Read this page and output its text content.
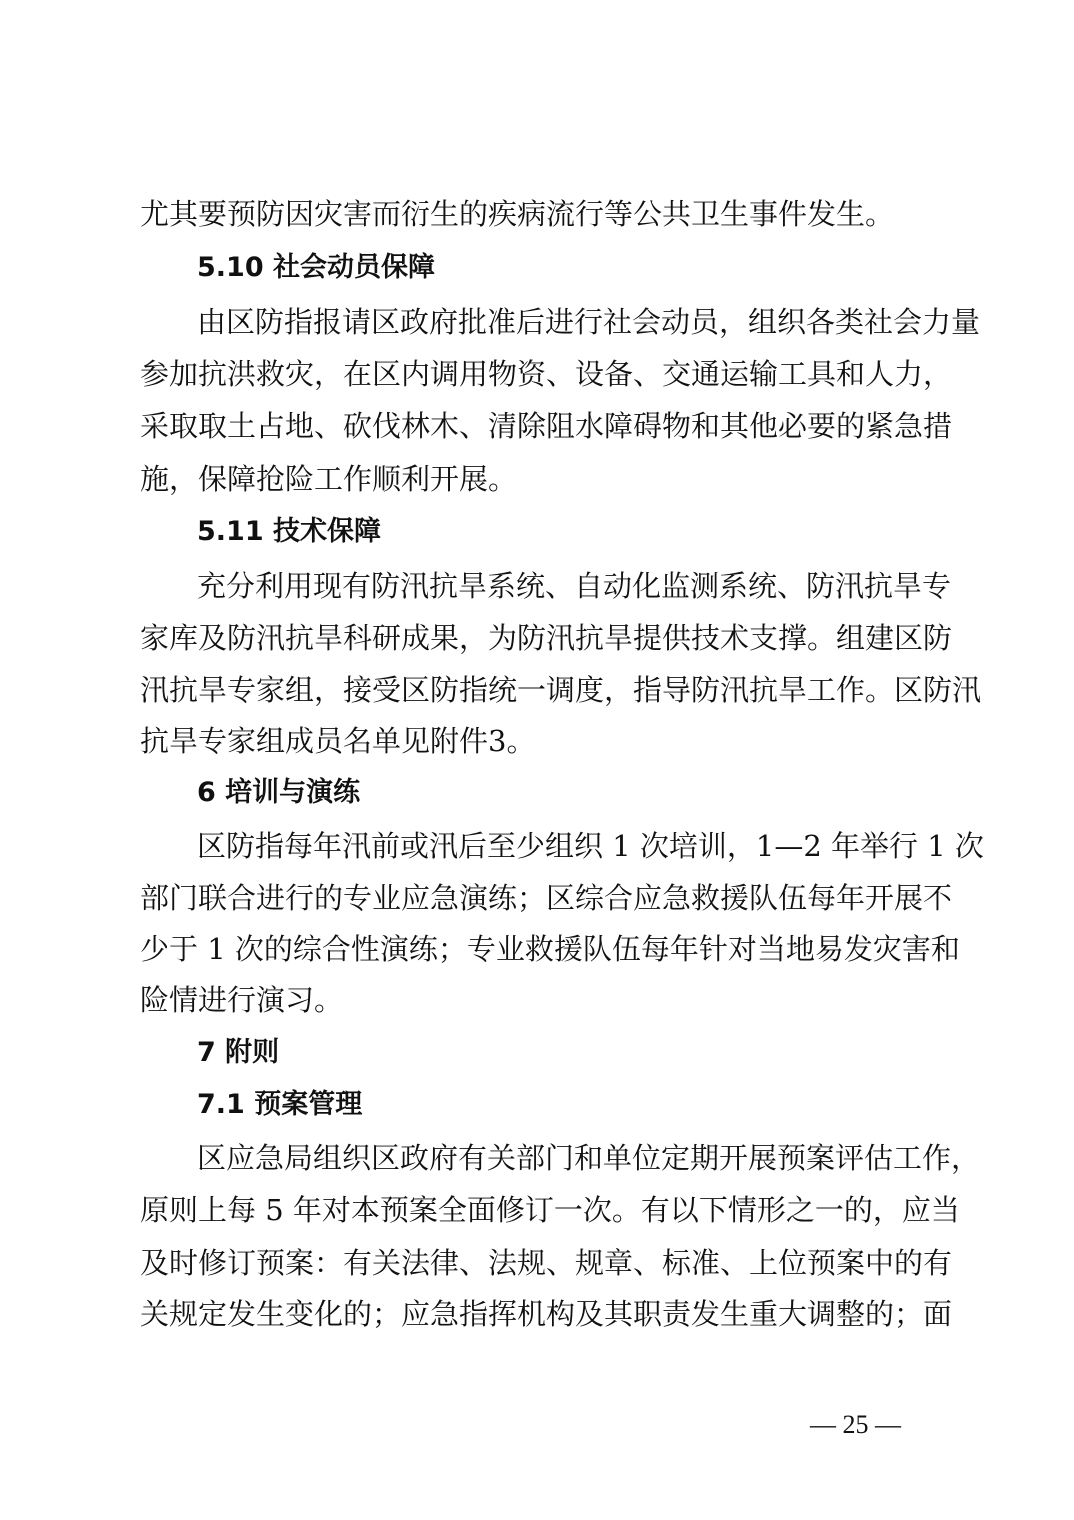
尤其要预防因灾害而衍生的疾病流行等公共卫生事件发生。
5.10 社会动员保障
由区防指报请区政府批准后进行社会动员，组织各类社会力量
参加抗洪救灾，在区内调用物资、设备、交通运输工具和人力，
采取取土占地、砍伐林木、清除阻水障碍物和其他必要的紧急措
施，保障抢险工作顺利开展。
5.11 技术保障
充分利用现有防汛抗旱系统、自动化监测系统、防汛抗旱专
家库及防汛抗旱科研成果，为防汛抗旱提供技术支撑。组建区防
汛抗旱专家组，接受区防指统一调度，指导防汛抗旱工作。区防汛
抗旱专家组成员名单见附件3。
6 培训与演练
区防指每年汛前或汛后至少组织 1 次培训，1—2 年举行 1 次
部门联合进行的专业应急演练；区综合应急救援队伍每年开展不
少于 1 次的综合性演练；专业救援队伍每年针对当地易发灾害和
险情进行演习。
7 附则
7.1 预案管理
区应急局组织区政府有关部门和单位定期开展预案评估工作，
原则上每 5 年对本预案全面修订一次。有以下情形之一的，应当
及时修订预案：有关法律、法规、规章、标准、上位预案中的有
关规定发生变化的；应急指挥机构及其职责发生重大调整的；面
— 25 —
